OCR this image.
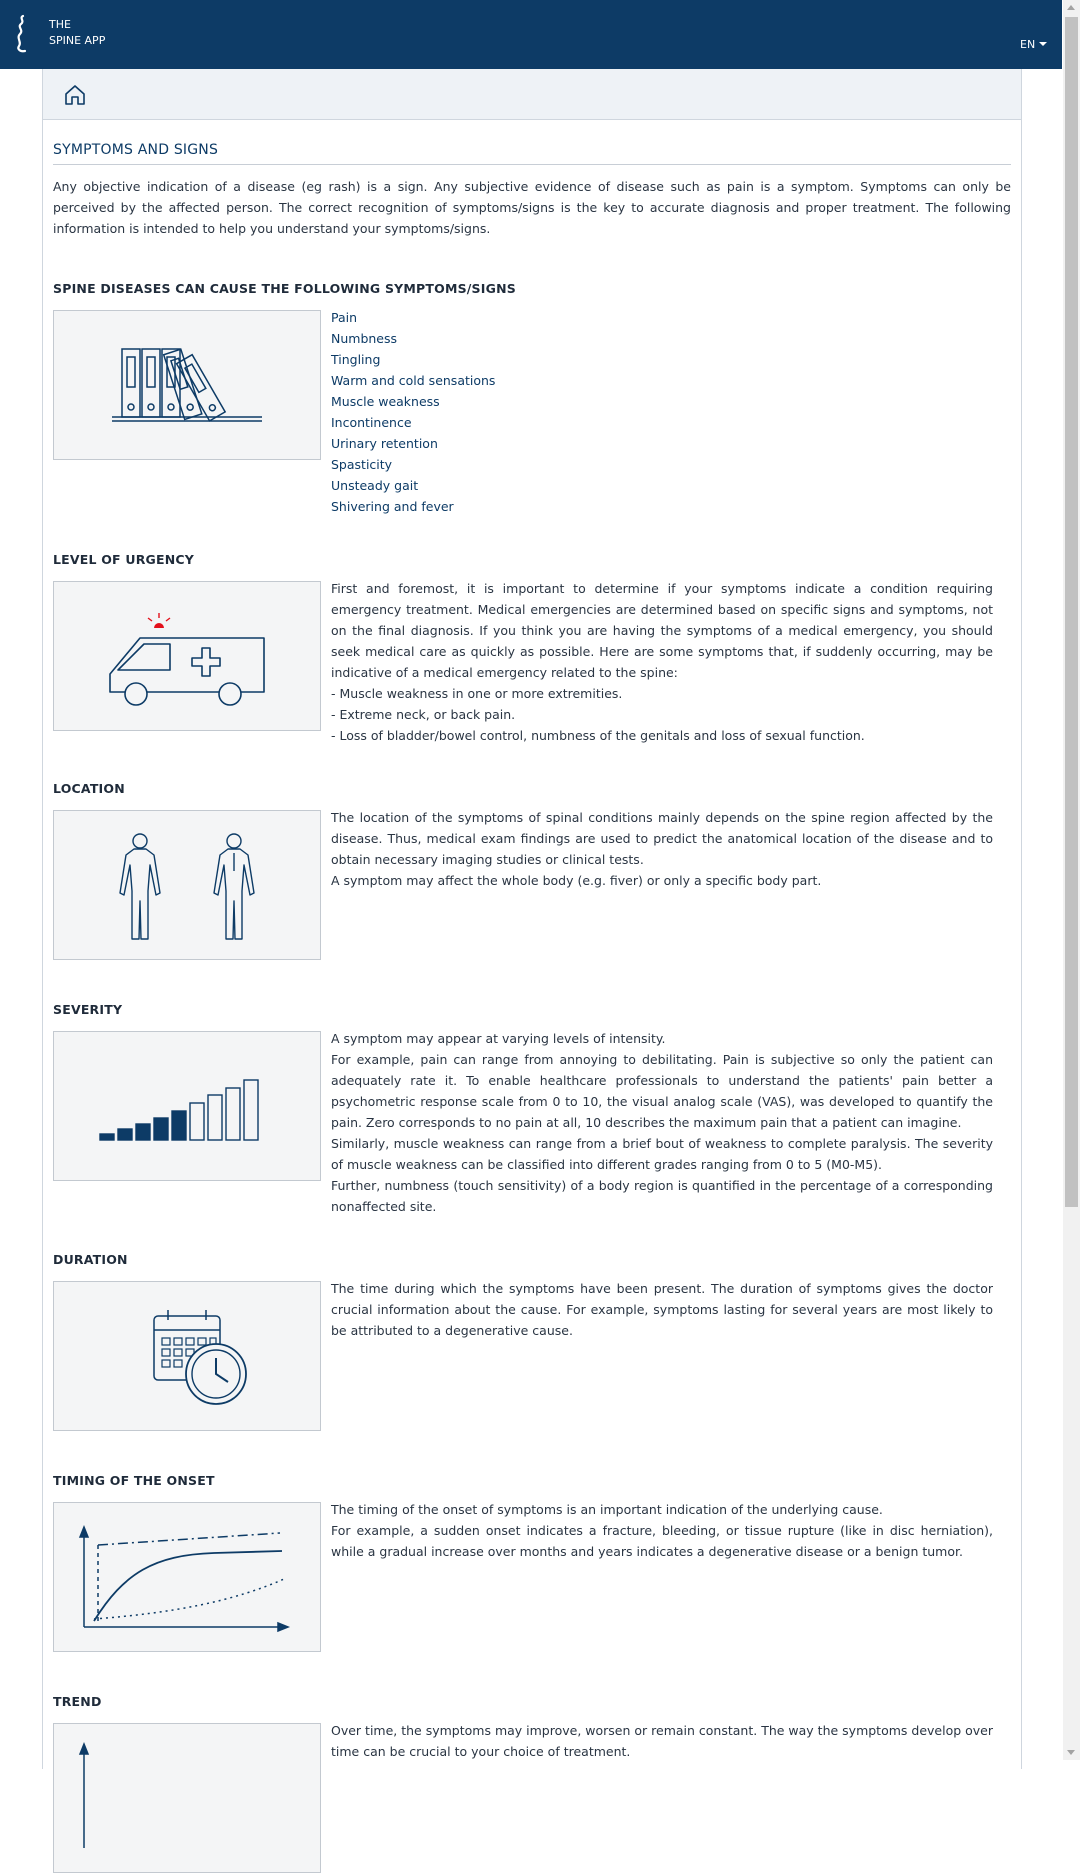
THE
SPINE APP	EN
SYMPTOMS AND SIGNS
Any objective indication of a disease (eg rash) is a sign. Any subjective evidence of disease such as pain is a symptom. Symptoms can only be perceived by the affected person. The correct recognition of symptoms/signs is the key to accurate diagnosis and proper treatment. The following information is intended to help you understand your symptoms/signs.
SPINE DISEASES CAN CAUSE THE FOLLOWING SYMPTOMS/SIGNS
Pain
Numbness
Tingling
Warm and cold sensations
Muscle weakness
Incontinence
Urinary retention
Spasticity
Unsteady gait
Shivering and fever
LEVEL OF URGENCY

First and foremost, it is important to determine if your symptoms indicate a condition requiring emergency treatment. Medical emergencies are determined based on specific signs and symptoms, not on the final diagnosis. If you think you are having the symptoms of a medical emergency, you should seek medical care as quickly as possible. Here are some symptoms that, if suddenly occurring, may be indicative of a medical emergency related to the spine:

- Muscle weakness in one or more extremities.

- Extreme neck, or back pain.

- Loss of bladder/bowel control, numbness of the genitals and loss of sexual function.

LOCATION

The location of the symptoms of spinal conditions mainly depends on the spine region affected by the disease. Thus, medical exam findings are used to predict the anatomical location of the disease and to obtain necessary imaging studies or clinical tests.

A symptom may affect the whole body (e.g. fiver) or only a specific body part.

SEVERITY

A symptom may appear at varying levels of intensity.

For example, pain can range from annoying to debilitating. Pain is subjective so only the patient can adequately rate it. To enable healthcare professionals to understand the patients' pain better a psychometric response scale from 0 to 10, the visual analog scale (VAS), was developed to quantify the pain. Zero corresponds to no pain at all, 10 describes the maximum pain that a patient can imagine.

Similarly, muscle weakness can range from a brief bout of weakness to complete paralysis. The severity of muscle weakness can be classified into different grades ranging from 0 to 5 (M0-M5).

Further, numbness (touch sensitivity) of a body region is quantified in the percentage of a corresponding nonaffected site.

DURATION

The time during which the symptoms have been present. The duration of symptoms gives the doctor crucial information about the cause. For example, symptoms lasting for several years are most likely to be attributed to a degenerative cause.

TIMING OF THE ONSET

The timing of the onset of symptoms is an important indication of the underlying cause.

For example, a sudden onset indicates a fracture, bleeding, or tissue rupture (like in disc herniation), while a gradual increase over months and years indicates a degenerative disease or a benign tumor.

TREND

Over time, the symptoms may improve, worsen or remain constant. The way the symptoms develop over time can be crucial to your choice of treatment.
